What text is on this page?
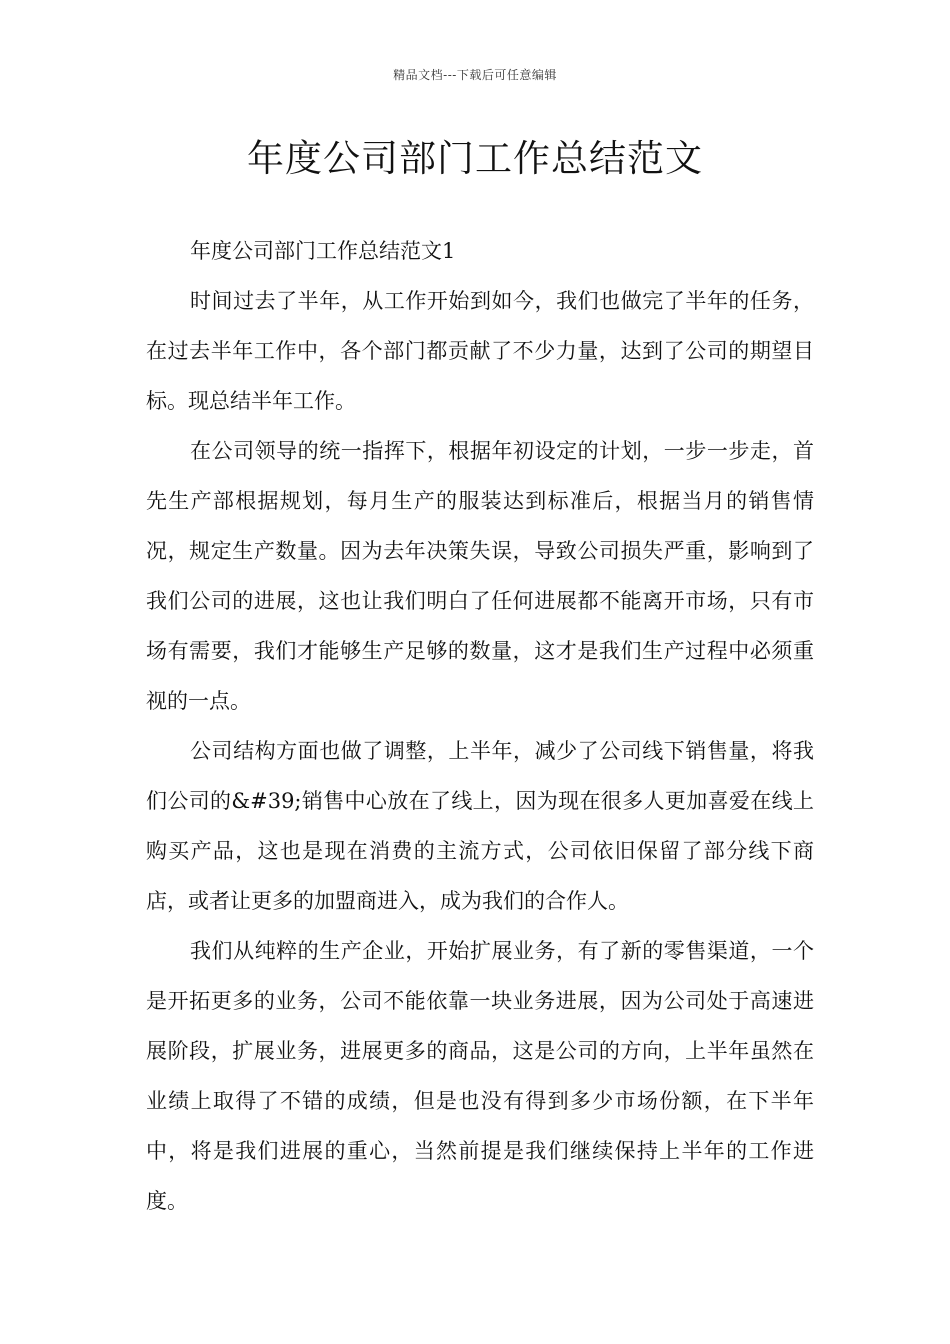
精品文档---下载后可任意编辑
年度公司部门工作总结范文

年度公司部门工作总结范文1

时间过去了半年，从工作开始到如今，我们也做完了半年的任务，在过去半年工作中，各个部门都贡献了不少力量，达到了公司的期望目标。现总结半年工作。

在公司领导的统一指挥下，根据年初设定的计划，一步一步走，首先生产部根据规划，每月生产的服装达到标准后，根据当月的销售情况，规定生产数量。因为去年决策失误，导致公司损失严重，影响到了我们公司的进展，这也让我们明白了任何进展都不能离开市场，只有市场有需要，我们才能够生产足够的数量，这才是我们生产过程中必须重视的一点。

公司结构方面也做了调整，上半年，减少了公司线下销售量，将我们公司的&#39;销售中心放在了线上，因为现在很多人更加喜爱在线上购买产品，这也是现在消费的主流方式，公司依旧保留了部分线下商店，或者让更多的加盟商进入，成为我们的合作人。

我们从纯粹的生产企业，开始扩展业务，有了新的零售渠道，一个是开拓更多的业务，公司不能依靠一块业务进展，因为公司处于高速进展阶段，扩展业务，进展更多的商品，这是公司的方向，上半年虽然在业绩上取得了不错的成绩，但是也没有得到多少市场份额，在下半年中，将是我们进展的重心，当然前提是我们继续保持上半年的工作进度。
